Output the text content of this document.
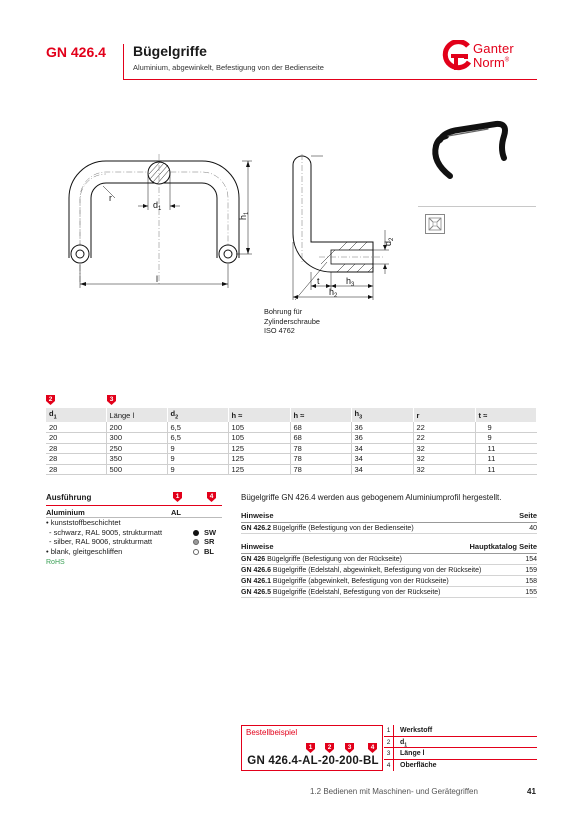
GN 426.4 Bügelgriffe
Aluminium, abgewinkelt, Befestigung von der Bedienseite
Ganter
Norm®
$d_1$
r
l
$h_1$
$d_2$
t	$h_3$
$h_2$
Bohrung für
Zylinderschraube
ISO 4762
2	3
$d_1$	Länge l	$d_2$	h ≈	h ≈	$h_3$	r	t ≈
20	200	6,5	105	68	36	22	9
20	300	6,5	105	68	36	22	9
28	250	9	125	78	34	32	11
28	350	9	125	78	34	32	11
28	500	9	125	78	34	32	11
Ausführung	1	4
Aluminium	AL
• kunststoffbeschichtet
- schwarz, RAL 9005, strukturmatt	SW
- silber, RAL 9006, strukturmatt	SR
• blank, gleitgeschliffen	BL
RoHS
Bügelgriffe GN 426.4 werden aus gebogenem Aluminiumprofil hergestellt.
Hinweise	Seite
GN 426.2 Bügelgriffe (Befestigung von der Bedienseite)	40
Hinweise	Hauptkatalog Seite
GN 426 Bügelgriffe (Befestigung von der Rückseite)	154
GN 426.6 Bügelgriffe (Edelstahl, abgewinkelt, Befestigung von der Rückseite)	159
GN 426.1 Bügelgriffe (abgewinkelt, Befestigung von der Rückseite)	158
GN 426.5 Bügelgriffe (Edelstahl, Befestigung von der Rückseite)	155
Bestellbeispiel
1	2	3	4
GN 426.4-AL-20-200-BL
1	Werkstoff
2	$d_1$
3	Länge l
4	Oberfläche
1.2 Bedienen mit Maschinen- und Gerätegriffen	41
